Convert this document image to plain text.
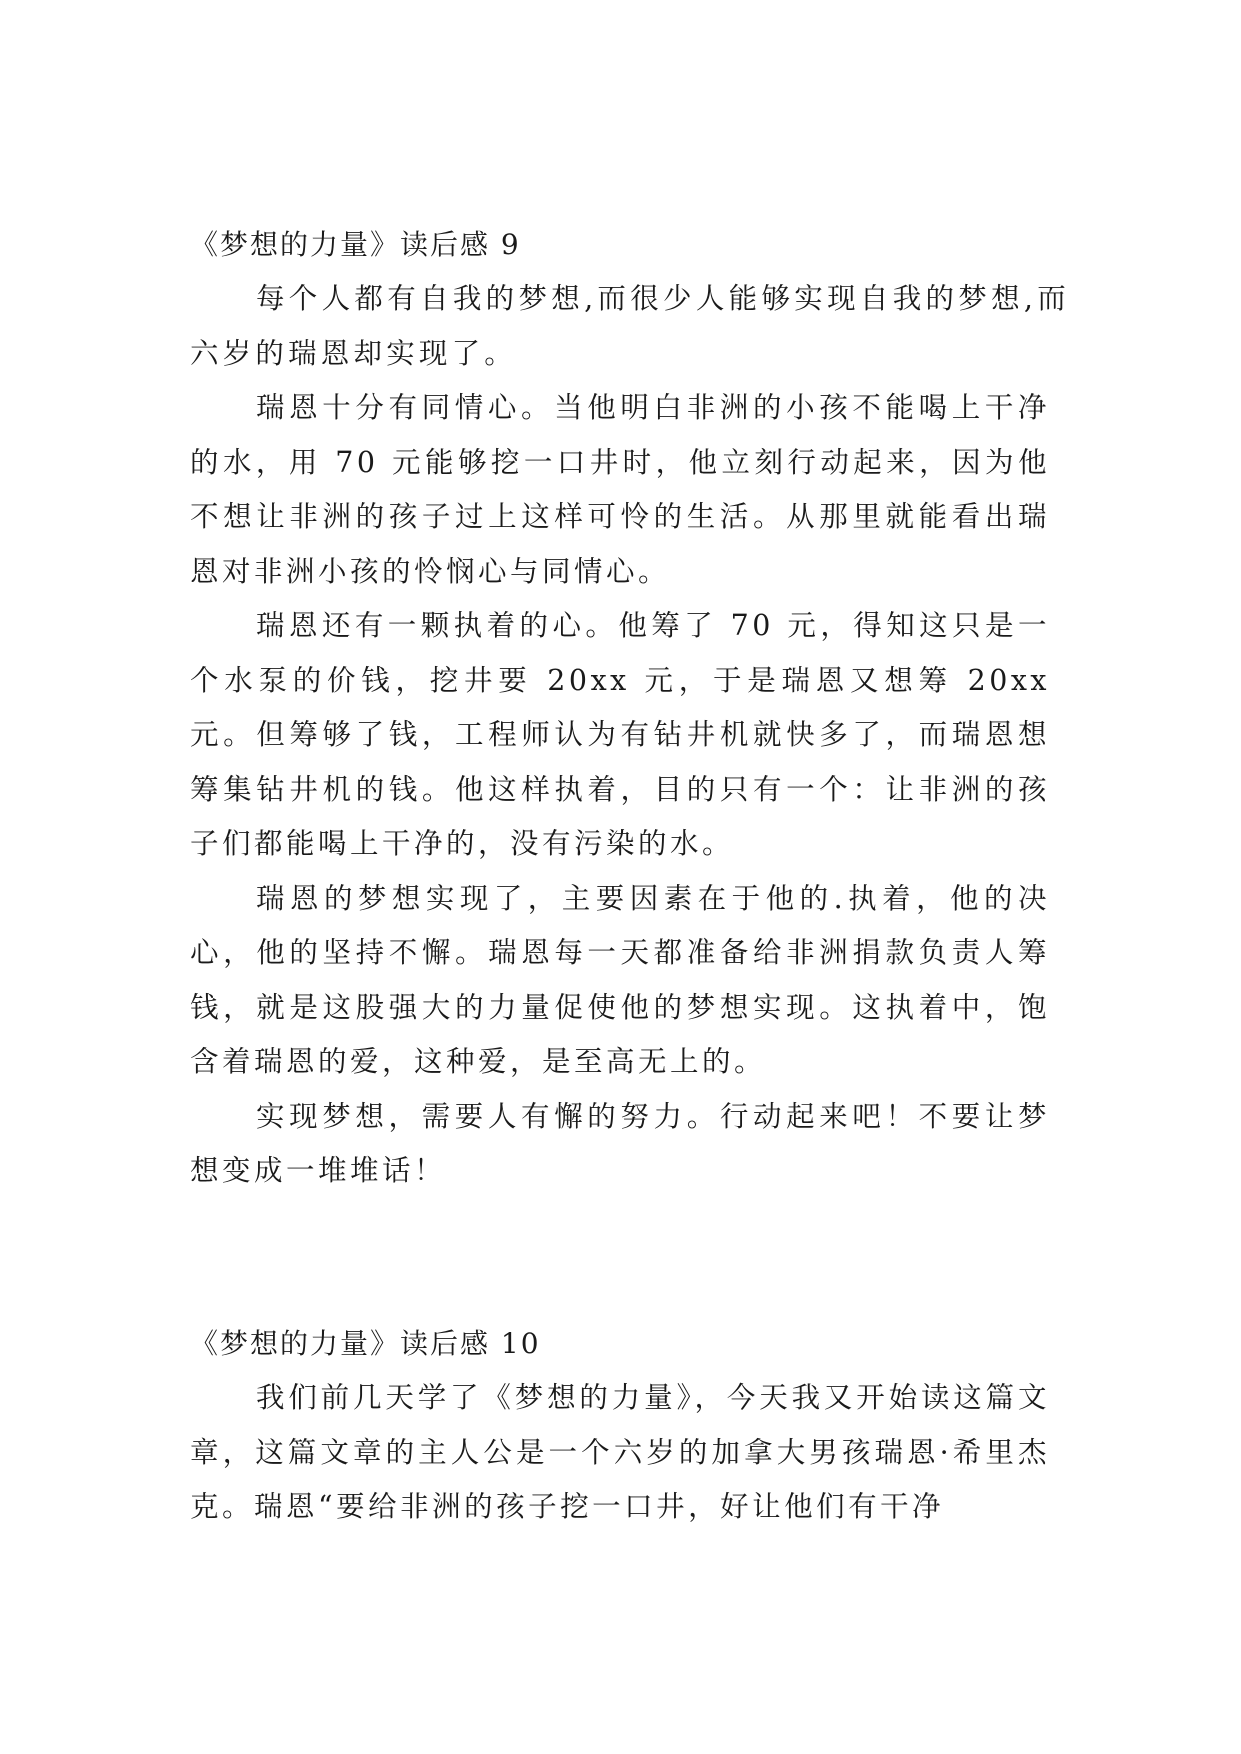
《梦想的力量》读后感 9

每个人都有自我的梦想,而很少人能够实现自我的梦想,而六岁的瑞恩却实现了。

瑞恩十分有同情心。当他明白非洲的小孩不能喝上干净的水，用 70 元能够挖一口井时，他立刻行动起来，因为他不想让非洲的孩子过上这样可怜的生活。从那里就能看出瑞恩对非洲小孩的怜悯心与同情心。

瑞恩还有一颗执着的心。他筹了 70 元，得知这只是一个水泵的价钱，挖井要 20xx 元，于是瑞恩又想筹 20xx 元。但筹够了钱，工程师认为有钻井机就快多了，而瑞恩想筹集钻井机的钱。他这样执着，目的只有一个：让非洲的孩子们都能喝上干净的，没有污染的水。

瑞恩的梦想实现了，主要因素在于他的.执着，他的决心，他的坚持不懈。瑞恩每一天都准备给非洲捐款负责人筹钱，就是这股强大的力量促使他的梦想实现。这执着中，饱含着瑞恩的爱，这种爱，是至高无上的。

实现梦想，需要人有懈的努力。行动起来吧！不要让梦想变成一堆堆话！

《梦想的力量》读后感 10

我们前几天学了《梦想的力量》，今天我又开始读这篇文章，这篇文章的主人公是一个六岁的加拿大男孩瑞恩·希里杰克。瑞恩“要给非洲的孩子挖一口井，好让他们有干净
